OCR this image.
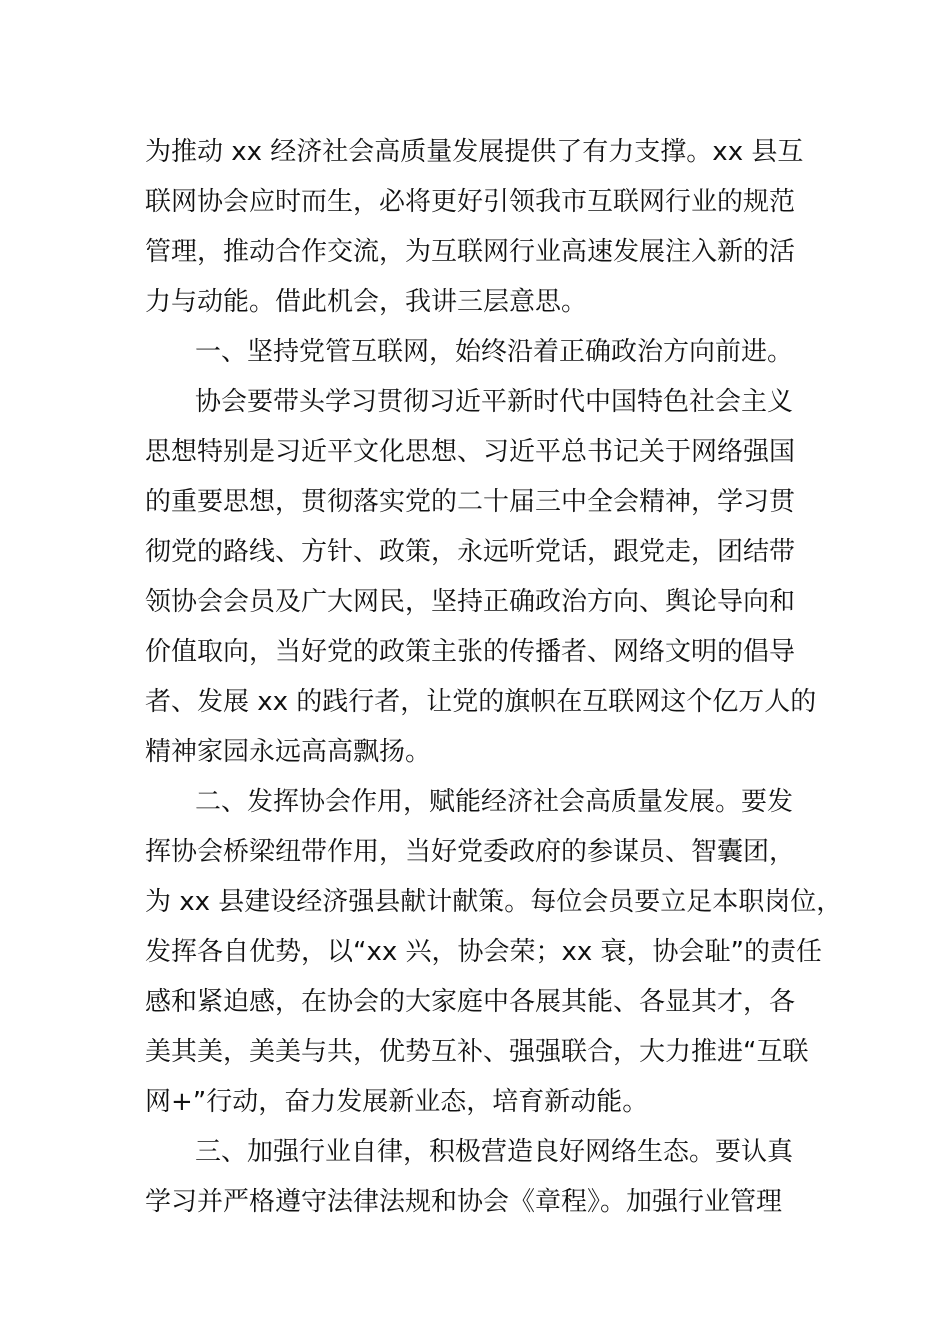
为推动 xx 经济社会高质量发展提供了有力支撑。xx 县互
联网协会应时而生，必将更好引领我市互联网行业的规范
管理，推动合作交流，为互联网行业高速发展注入新的活
力与动能。借此机会，我讲三层意思。
一、坚持党管互联网，始终沿着正确政治方向前进。
协会要带头学习贯彻习近平新时代中国特色社会主义
思想特别是习近平文化思想、习近平总书记关于网络强国
的重要思想，贯彻落实党的二十届三中全会精神，学习贯
彻党的路线、方针、政策，永远听党话，跟党走，团结带
领协会会员及广大网民，坚持正确政治方向、舆论导向和
价值取向，当好党的政策主张的传播者、网络文明的倡导
者、发展 xx 的践行者，让党的旗帜在互联网这个亿万人的
精神家园永远高高飘扬。
二、发挥协会作用，赋能经济社会高质量发展。要发
挥协会桥梁纽带作用，当好党委政府的参谋员、智囊团，
为 xx 县建设经济强县献计献策。每位会员要立足本职岗位，
发挥各自优势，以“xx 兴，协会荣；xx 衰，协会耻”的责任
感和紧迫感，在协会的大家庭中各展其能、各显其才，各
美其美，美美与共，优势互补、强强联合，大力推进“互联
网+”行动，奋力发展新业态，培育新动能。
三、加强行业自律，积极营造良好网络生态。要认真
学习并严格遵守法律法规和协会《章程》。加强行业管理
